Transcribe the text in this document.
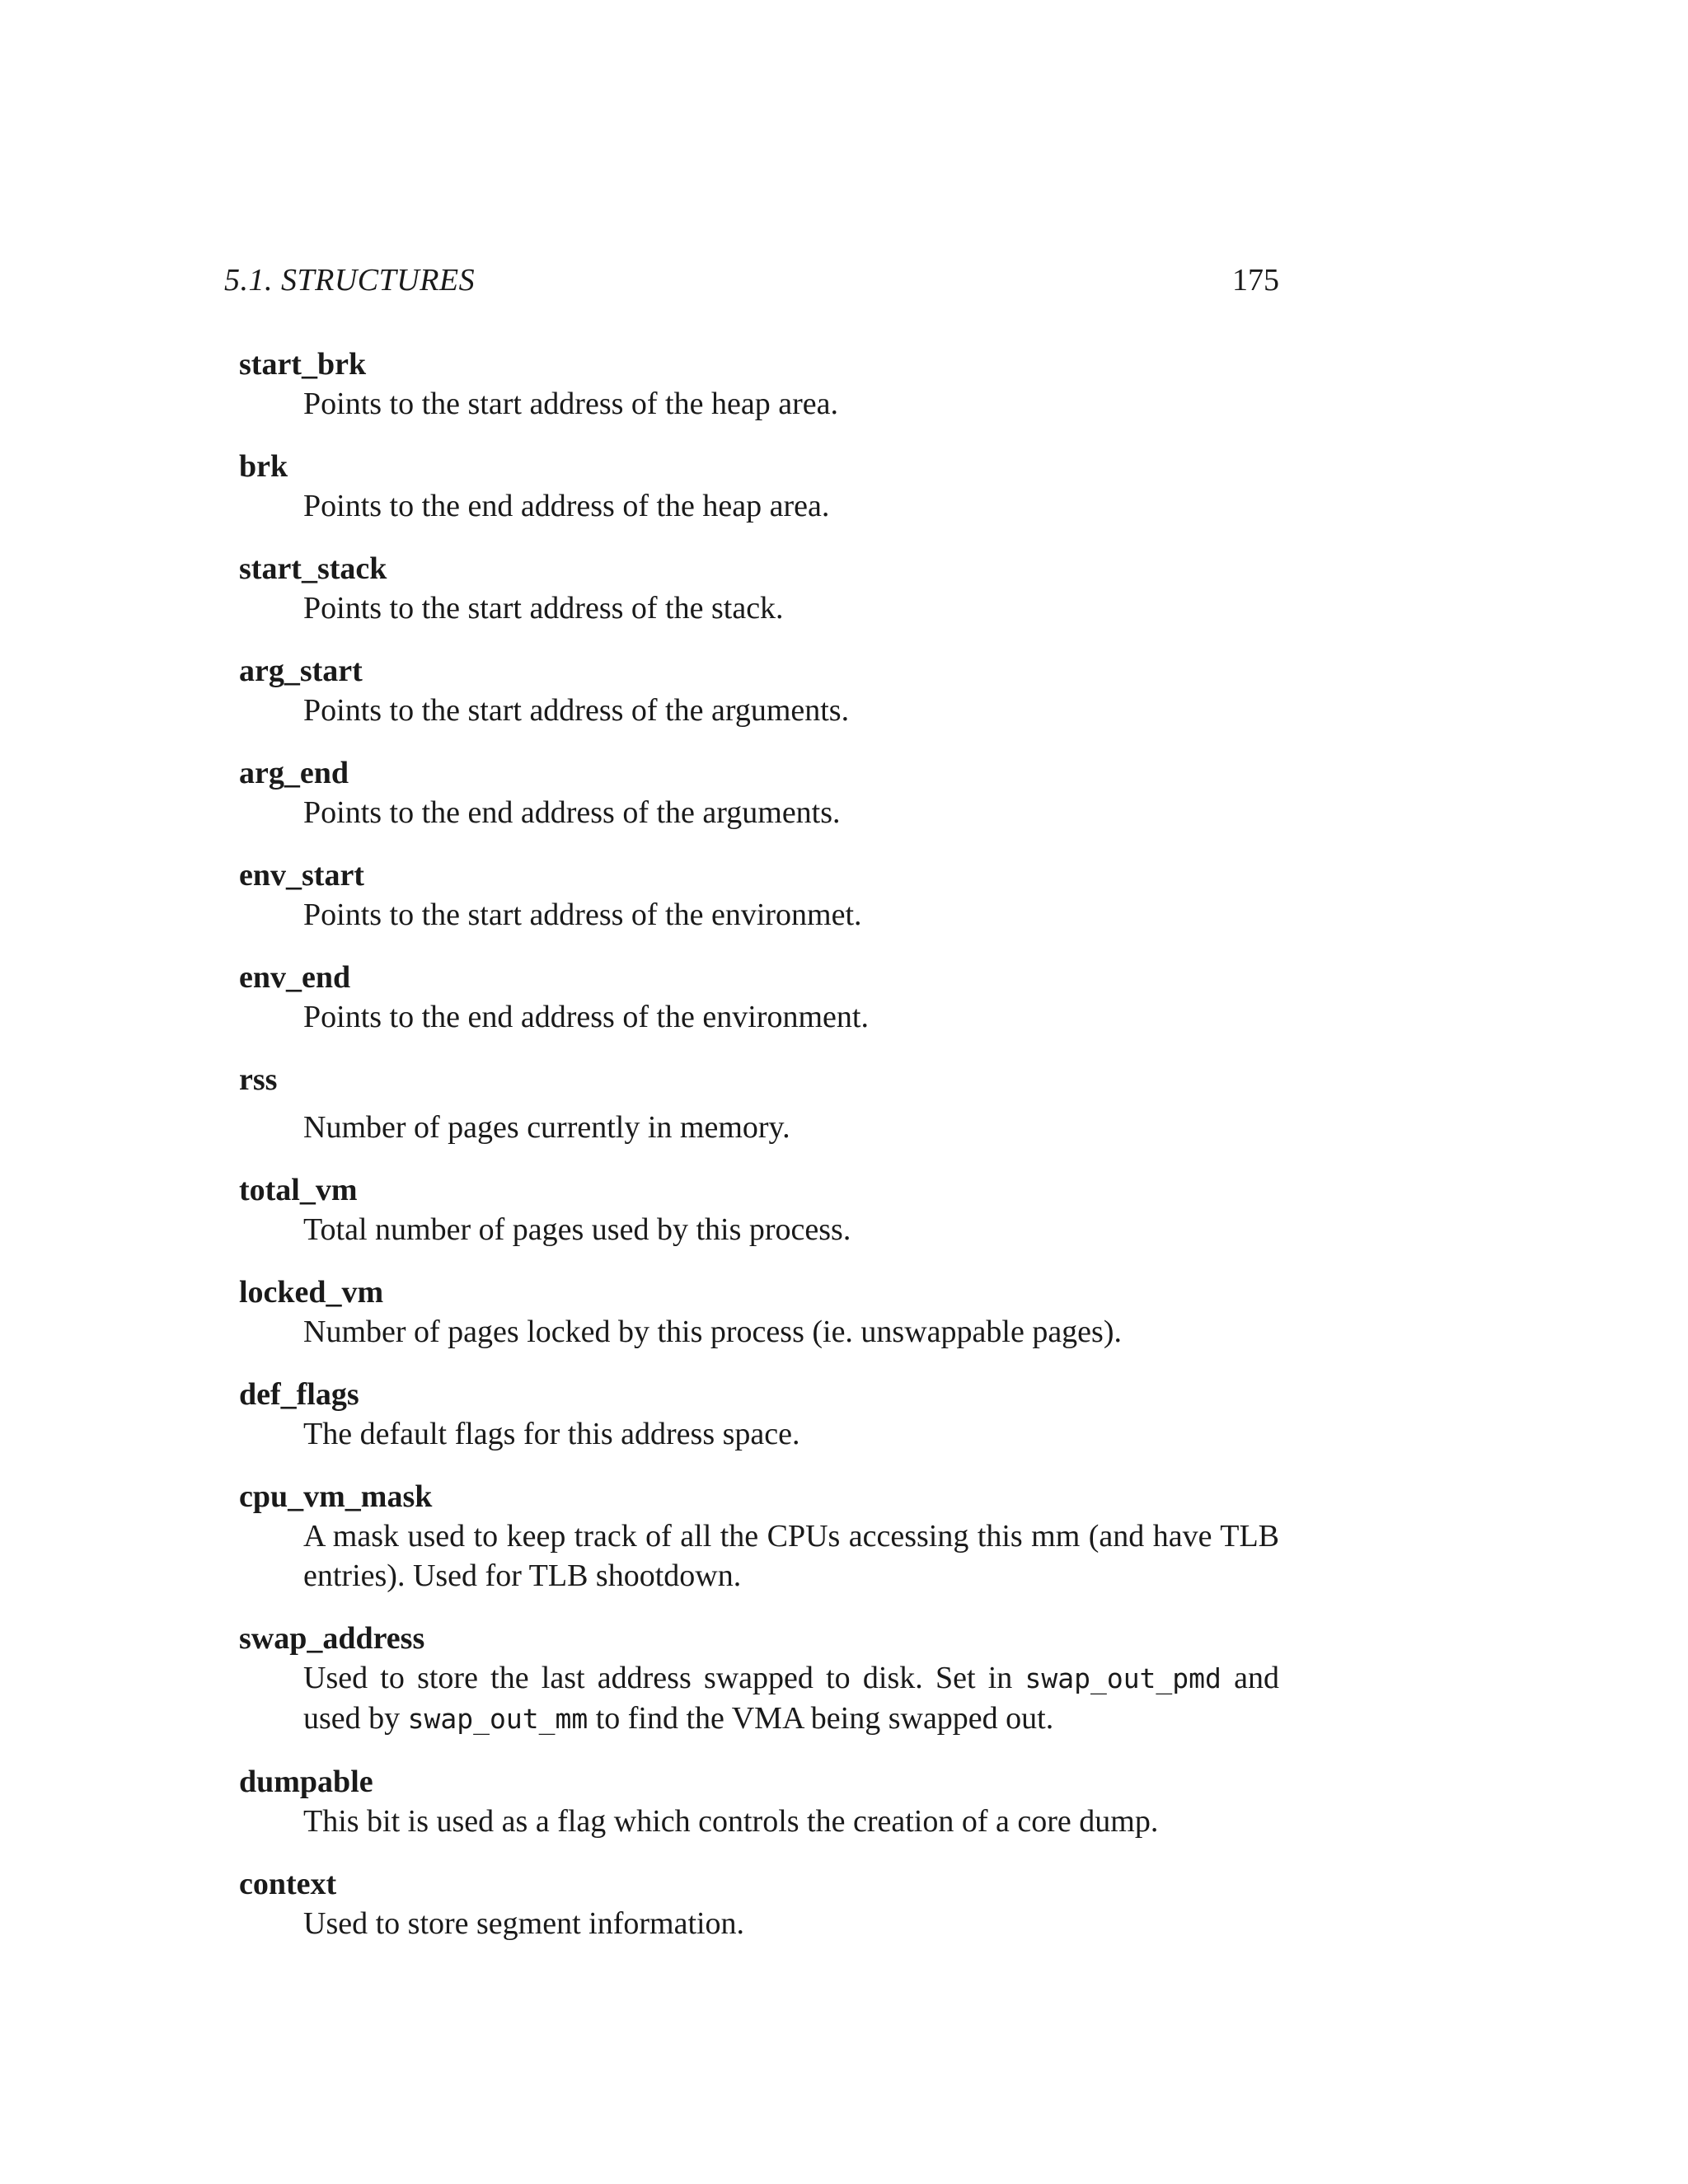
5.1. STRUCTURES	175
start_brk
Points to the start address of the heap area.
brk
Points to the end address of the heap area.
start_stack
Points to the start address of the stack.
arg_start
Points to the start address of the arguments.
arg_end
Points to the end address of the arguments.
env_start
Points to the start address of the environmet.
env_end
Points to the end address of the environment.
rss
Number of pages currently in memory.
total_vm
Total number of pages used by this process.
locked_vm
Number of pages locked by this process (ie. unswappable pages).
def_flags
The default flags for this address space.
cpu_vm_mask
A mask used to keep track of all the CPUs accessing this mm (and have TLB entries). Used for TLB shootdown.
swap_address
Used to store the last address swapped to disk. Set in swap_out_pmd and used by swap_out_mm to find the VMA being swapped out.
dumpable
This bit is used as a flag which controls the creation of a core dump.
context
Used to store segment information.
